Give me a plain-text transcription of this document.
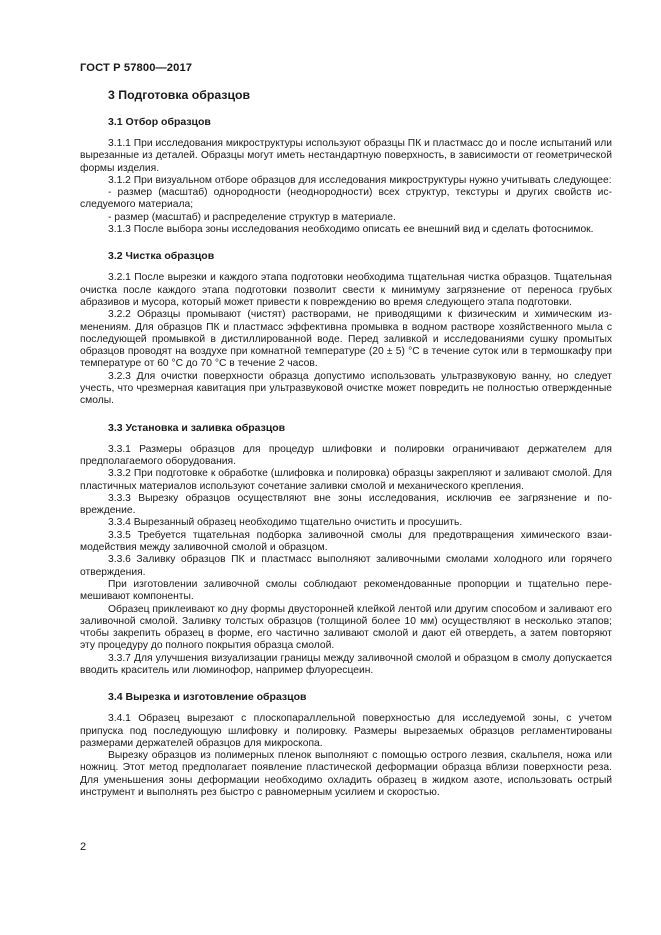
ГОСТ Р 57800—2017
3 Подготовка образцов
3.1 Отбор образцов

3.1.1 При исследования микроструктуры используют образцы ПК и пластмасс до и после испытаний или вырезанные из деталей. Образцы могут иметь нестандартную поверхность, в зависимости от геометрической формы изделия.

3.1.2 При визуальном отборе образцов для исследования микроструктуры нужно учитывать следующее:

- размер (масштаб) однородности (неоднородности) всех структур, текстуры и других свойств исследуемого материала;

- размер (масштаб) и распределение структур в материале.

3.1.3 После выбора зоны исследования необходимо описать ее внешний вид и сделать фотоснимок.

3.2 Чистка образцов

3.2.1 После вырезки и каждого этапа подготовки необходима тщательная чистка образцов. Тщательная очистка после каждого этапа подготовки позволит свести к минимуму загрязнение от переноса грубых абразивов и мусора, который может привести к повреждению во время следующего этапа подготовки.

3.2.2 Образцы промывают (чистят) растворами, не приводящими к физическим и химическим изменениям. Для образцов ПК и пластмасс эффективна промывка в водном растворе хозяйственного мыла с последующей промывкой в дистиллированной воде. Перед заливкой и исследованиями сушку промытых образцов проводят на воздухе при комнатной температуре (20 ± 5) °С в течение суток или в термошкафу при температуре от 60 °С до 70 °С в течение 2 часов.

3.2.3 Для очистки поверхности образца допустимо использовать ультразвуковую ванну, но следует учесть, что чрезмерная кавитация при ультразвуковой очистке может повредить не полностью отвержденные смолы.

3.3 Установка и заливка образцов

3.3.1 Размеры образцов для процедур шлифовки и полировки ограничивают держателем для предполагаемого оборудования.

3.3.2 При подготовке к обработке (шлифовка и полировка) образцы закрепляют и заливают смолой. Для пластичных материалов используют сочетание заливки смолой и механического крепления.

3.3.3 Вырезку образцов осуществляют вне зоны исследования, исключив ее загрязнение и повреждение.

3.3.4 Вырезанный образец необходимо тщательно очистить и просушить.

3.3.5 Требуется тщательная подборка заливочной смолы для предотвращения химического взаимодействия между заливочной смолой и образцом.

3.3.6 Заливку образцов ПК и пластмасс выполняют заливочными смолами холодного или горячего отверждения.

При изготовлении заливочной смолы соблюдают рекомендованные пропорции и тщательно перемешивают компоненты.

Образец приклеивают ко дну формы двусторонней клейкой лентой или другим способом и заливают его заливочной смолой. Заливку толстых образцов (толщиной более 10 мм) осуществляют в несколько этапов; чтобы закрепить образец в форме, его частично заливают смолой и дают ей отвердеть, а затем повторяют эту процедуру до полного покрытия образца смолой.

3.3.7 Для улучшения визуализации границы между заливочной смолой и образцом в смолу допускается вводить краситель или люминофор, например флуоресцеин.

3.4 Вырезка и изготовление образцов

3.4.1 Образец вырезают с плоскопараллельной поверхностью для исследуемой зоны, с учетом припуска под последующую шлифовку и полировку. Размеры вырезаемых образцов регламентированы размерами держателей образцов для микроскопа.

Вырезку образцов из полимерных пленок выполняют с помощью острого лезвия, скальпеля, ножа или ножниц. Этот метод предполагает появление пластической деформации образца вблизи поверхности реза. Для уменьшения зоны деформации необходимо охладить образец в жидком азоте, использовать острый инструмент и выполнять рез быстро с равномерным усилием и скоростью.

2
